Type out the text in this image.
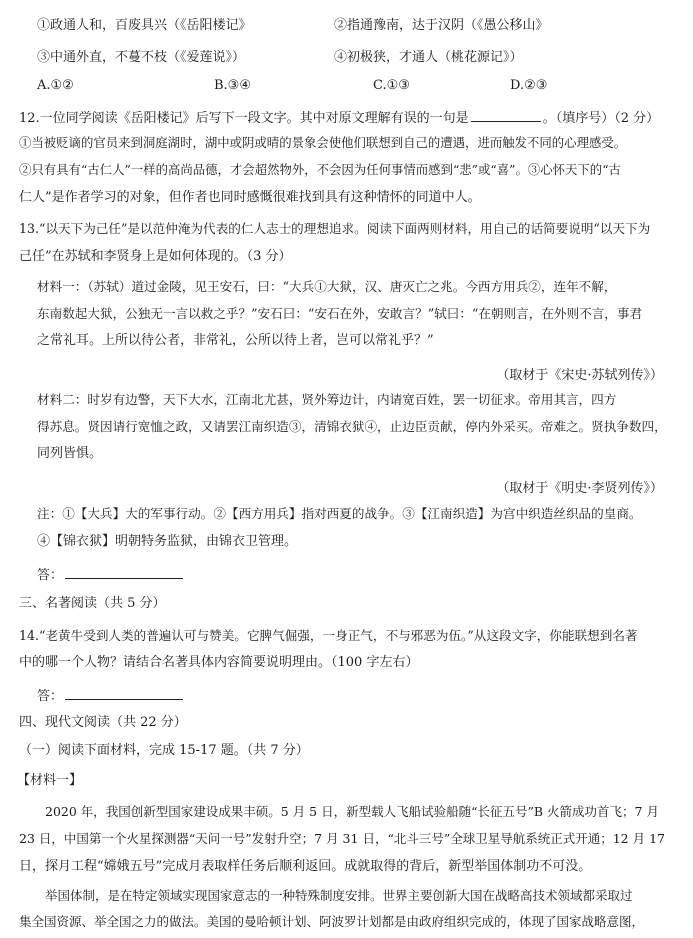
①政通人和，百废具兴（《岳阳楼记》	②指通豫南，达于汉阴（《愚公移山》
③中通外直，不蔓不枝（《爱莲说》）	④初极狭，才通人（桃花源记》）
A.①②	B.③④	C.①③	D.②③
12.一位同学阅读《岳阳楼记》后写下一段文字。其中对原文理解有误的一句是	。（填序号）（2 分）
①当被贬谪的官员来到洞庭湖时，湖中或阴或晴的景象会使他们联想到自己的遭遇，进而触发不同的心理感受。
②只有具有“古仁人”一样的高尚品德，才会超然物外，不会因为任何事情而感到“悲”或“喜”。③心怀天下的“古
仁人”是作者学习的对象，但作者也同时感慨很难找到具有这种情怀的同道中人。
13.“以天下为己任”是以范仲淹为代表的仁人志士的理想追求。阅读下面两则材料，用自己的话简要说明“以天下为
己任”在苏轼和李贤身上是如何体现的。（3 分）
材料一：（苏轼）道过金陵，见王安石，曰：“大兵①大狱，汉、唐灭亡之兆。今西方用兵②，连年不解，
东南数起大狱，公独无一言以救之乎？”安石曰：“安石在外，安敢言？”轼曰：“在朝则言，在外则不言，事君
之常礼耳。上所以待公者，非常礼，公所以待上者，岂可以常礼乎？”
（取材于《宋史·苏轼列传》）
材料二：时岁有边警，天下大水，江南北尤甚，贤外筹边计，内请宽百姓，罢一切征求。帝用其言，四方
得苏息。贤因请行宽恤之政，又请罢江南织造③，清锦衣狱④，止边臣贡献，停内外采买。帝难之。贤执争数四，
同列皆惧。
（取材于《明史·李贤列传》）
注：①【大兵】大的军事行动。②【西方用兵】指对西夏的战争。③【江南织造】为宫中织造丝织品的皇商。
④【锦衣狱】明朝特务监狱，由锦衣卫管理。
答：
三、名著阅读（共 5 分）
14.“老黄牛受到人类的普遍认可与赞美。它脾气倔强，一身正气，不与邪恶为伍。”从这段文字，你能联想到名著
中的哪一个人物？请结合名著具体内容简要说明理由。（100 字左右）
答：
四、现代文阅读（共 22 分）
（一）阅读下面材料，完成 15-17 题。（共 7 分）
【材料一】
2020 年，我国创新型国家建设成果丰硕。5 月 5 日，新型载人飞船试验船随“长征五号”B 火箭成功首飞；7 月
23 日，中国第一个火星探测器“天问一号”发射升空；7 月 31 日，“北斗三号”全球卫星导航系统正式开通；12 月 17
日，探月工程“嫦娥五号”完成月表取样任务后顺利返回。成就取得的背后，新型举国体制功不可没。
举国体制，是在特定领域实现国家意志的一种特殊制度安排。世界主要创新大国在战略高技术领域都采取过
集全国资源、举全国之力的做法。美国的曼哈顿计划、阿波罗计划都是由政府组织完成的，体现了国家战略意图，
